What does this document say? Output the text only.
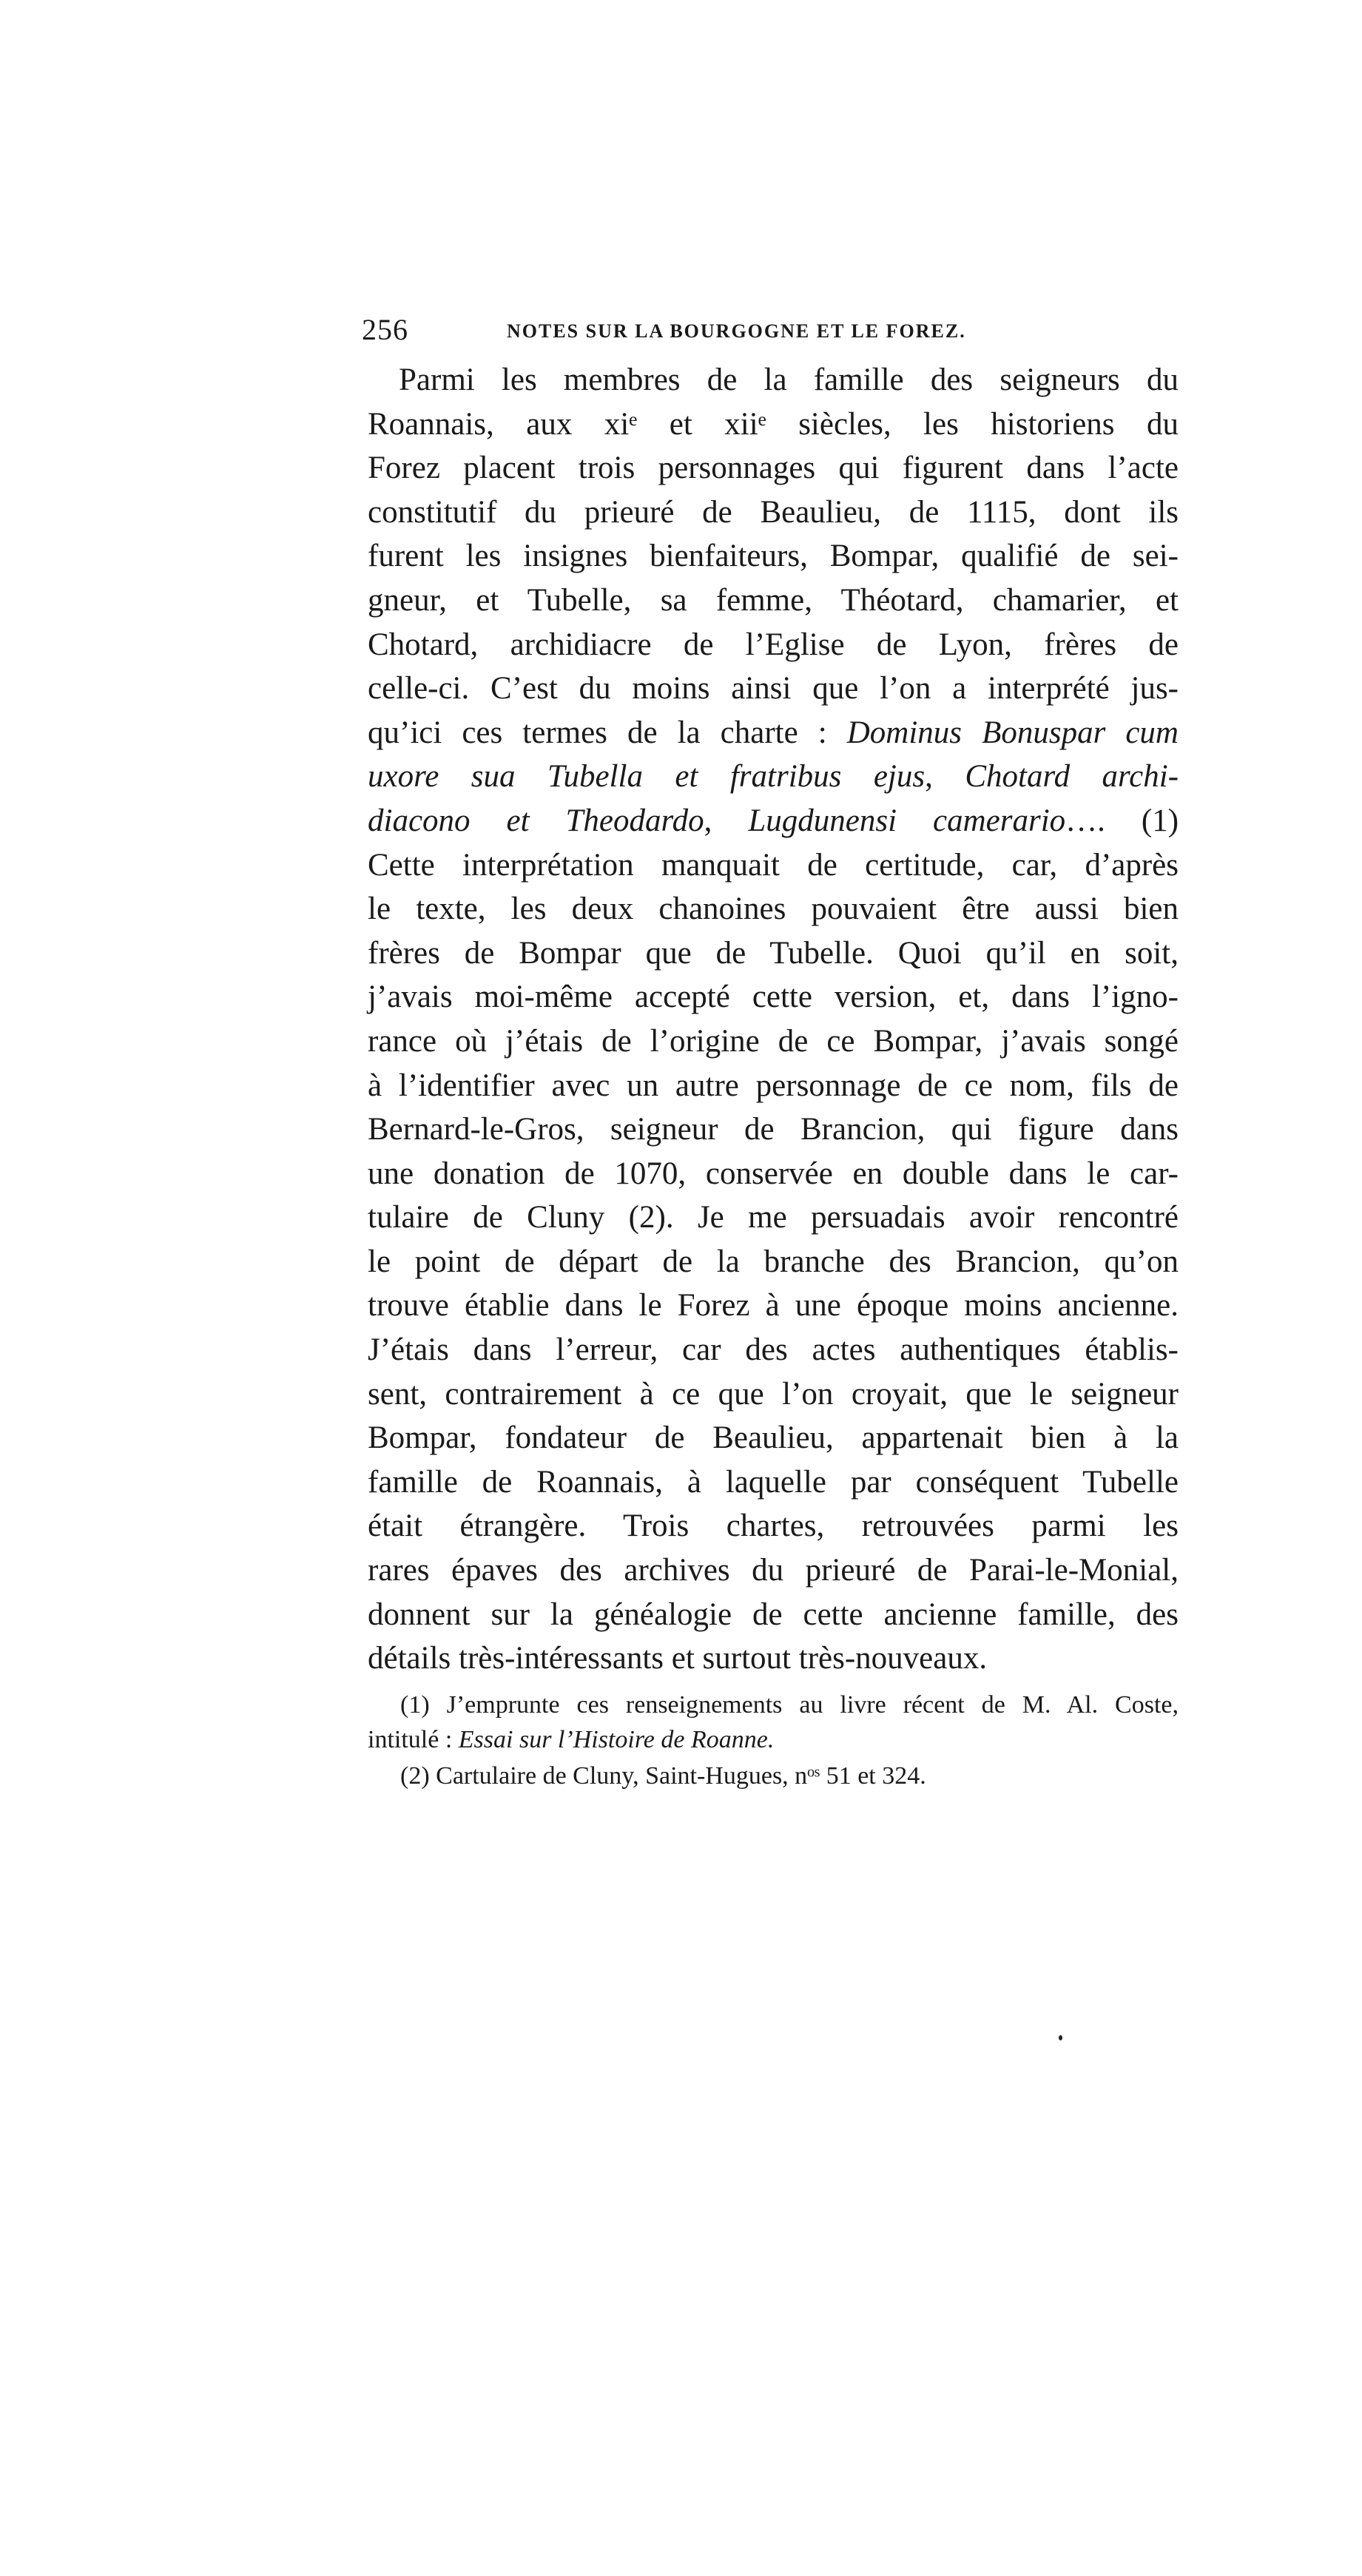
256	NOTES SUR LA BOURGOGNE ET LE FOREZ.
Parmi les membres de la famille des seigneurs du
Roannais, aux xiᵉ et xiiᵉ siècles, les historiens du
Forez placent trois personnages qui figurent dans l’acte
constitutif du prieuré de Beaulieu, de 1115, dont ils
furent les insignes bienfaiteurs, Bompar, qualifié de sei-
gneur, et Tubelle, sa femme, Théotard, chamarier, et
Chotard, archidiacre de l’Eglise de Lyon, frères de
celle-ci. C’est du moins ainsi que l’on a interprété jus-
qu’ici ces termes de la charte : Dominus Bonuspar cum
uxore sua Tubella et fratribus ejus, Chotard archi-
diacono et Theodardo, Lugdunensi camerario…. (1)
Cette interprétation manquait de certitude, car, d’après
le texte, les deux chanoines pouvaient être aussi bien
frères de Bompar que de Tubelle. Quoi qu’il en soit,
j’avais moi-même accepté cette version, et, dans l’igno-
rance où j’étais de l’origine de ce Bompar, j’avais songé
à l’identifier avec un autre personnage de ce nom, fils de
Bernard-le-Gros, seigneur de Brancion, qui figure dans
une donation de 1070, conservée en double dans le car-
tulaire de Cluny (2). Je me persuadais avoir rencontré
le point de départ de la branche des Brancion, qu’on
trouve établie dans le Forez à une époque moins ancienne.
J’étais dans l’erreur, car des actes authentiques établis-
sent, contrairement à ce que l’on croyait, que le seigneur
Bompar, fondateur de Beaulieu, appartenait bien à la
famille de Roannais, à laquelle par conséquent Tubelle
était étrangère. Trois chartes, retrouvées parmi les
rares épaves des archives du prieuré de Parai-le-Monial,
donnent sur la généalogie de cette ancienne famille, des
détails très-intéressants et surtout très-nouveaux.
(1) J’emprunte ces renseignements au livre récent de M. Al. Coste,
intitulé : Essai sur l’Histoire de Roanne.
(2) Cartulaire de Cluny, Saint-Hugues, nᵒˢ 51 et 324.
